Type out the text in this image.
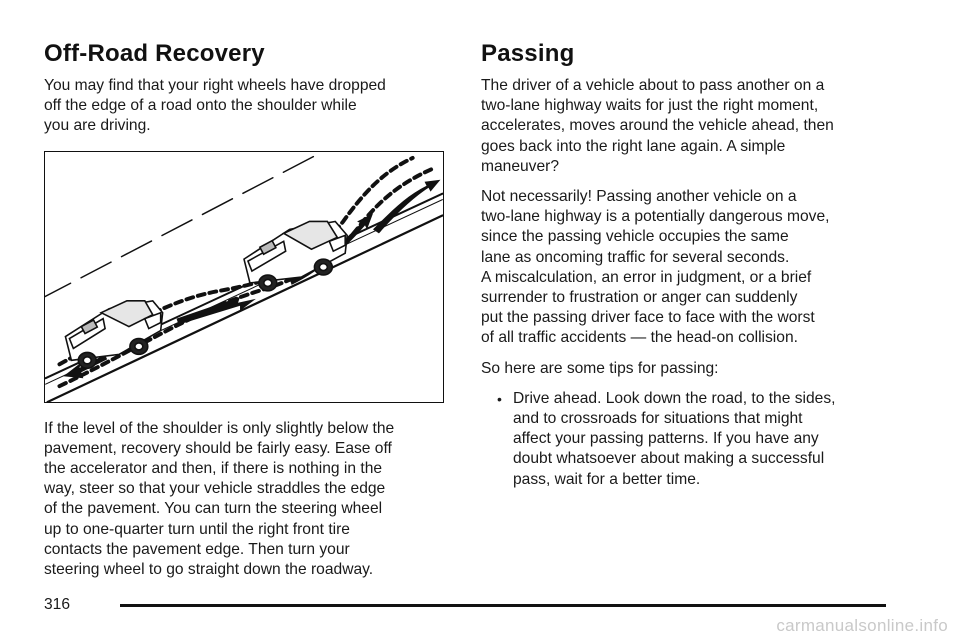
Off-Road Recovery

You may find that your right wheels have dropped
off the edge of a road onto the shoulder while
you are driving.

If the level of the shoulder is only slightly below the
pavement, recovery should be fairly easy. Ease off
the accelerator and then, if there is nothing in the
way, steer so that your vehicle straddles the edge
of the pavement. You can turn the steering wheel
up to one-quarter turn until the right front tire
contacts the pavement edge. Then turn your
steering wheel to go straight down the roadway.

Passing

The driver of a vehicle about to pass another on a
two-lane highway waits for just the right moment,
accelerates, moves around the vehicle ahead, then
goes back into the right lane again. A simple
maneuver?

Not necessarily! Passing another vehicle on a
two-lane highway is a potentially dangerous move,
since the passing vehicle occupies the same
lane as oncoming traffic for several seconds.
A miscalculation, an error in judgment, or a brief
surrender to frustration or anger can suddenly
put the passing driver face to face with the worst
of all traffic accidents — the head-on collision.

So here are some tips for passing:

• Drive ahead. Look down the road, to the sides,
and to crossroads for situations that might
affect your passing patterns. If you have any
doubt whatsoever about making a successful
pass, wait for a better time.
316
carmanualsonline.info
